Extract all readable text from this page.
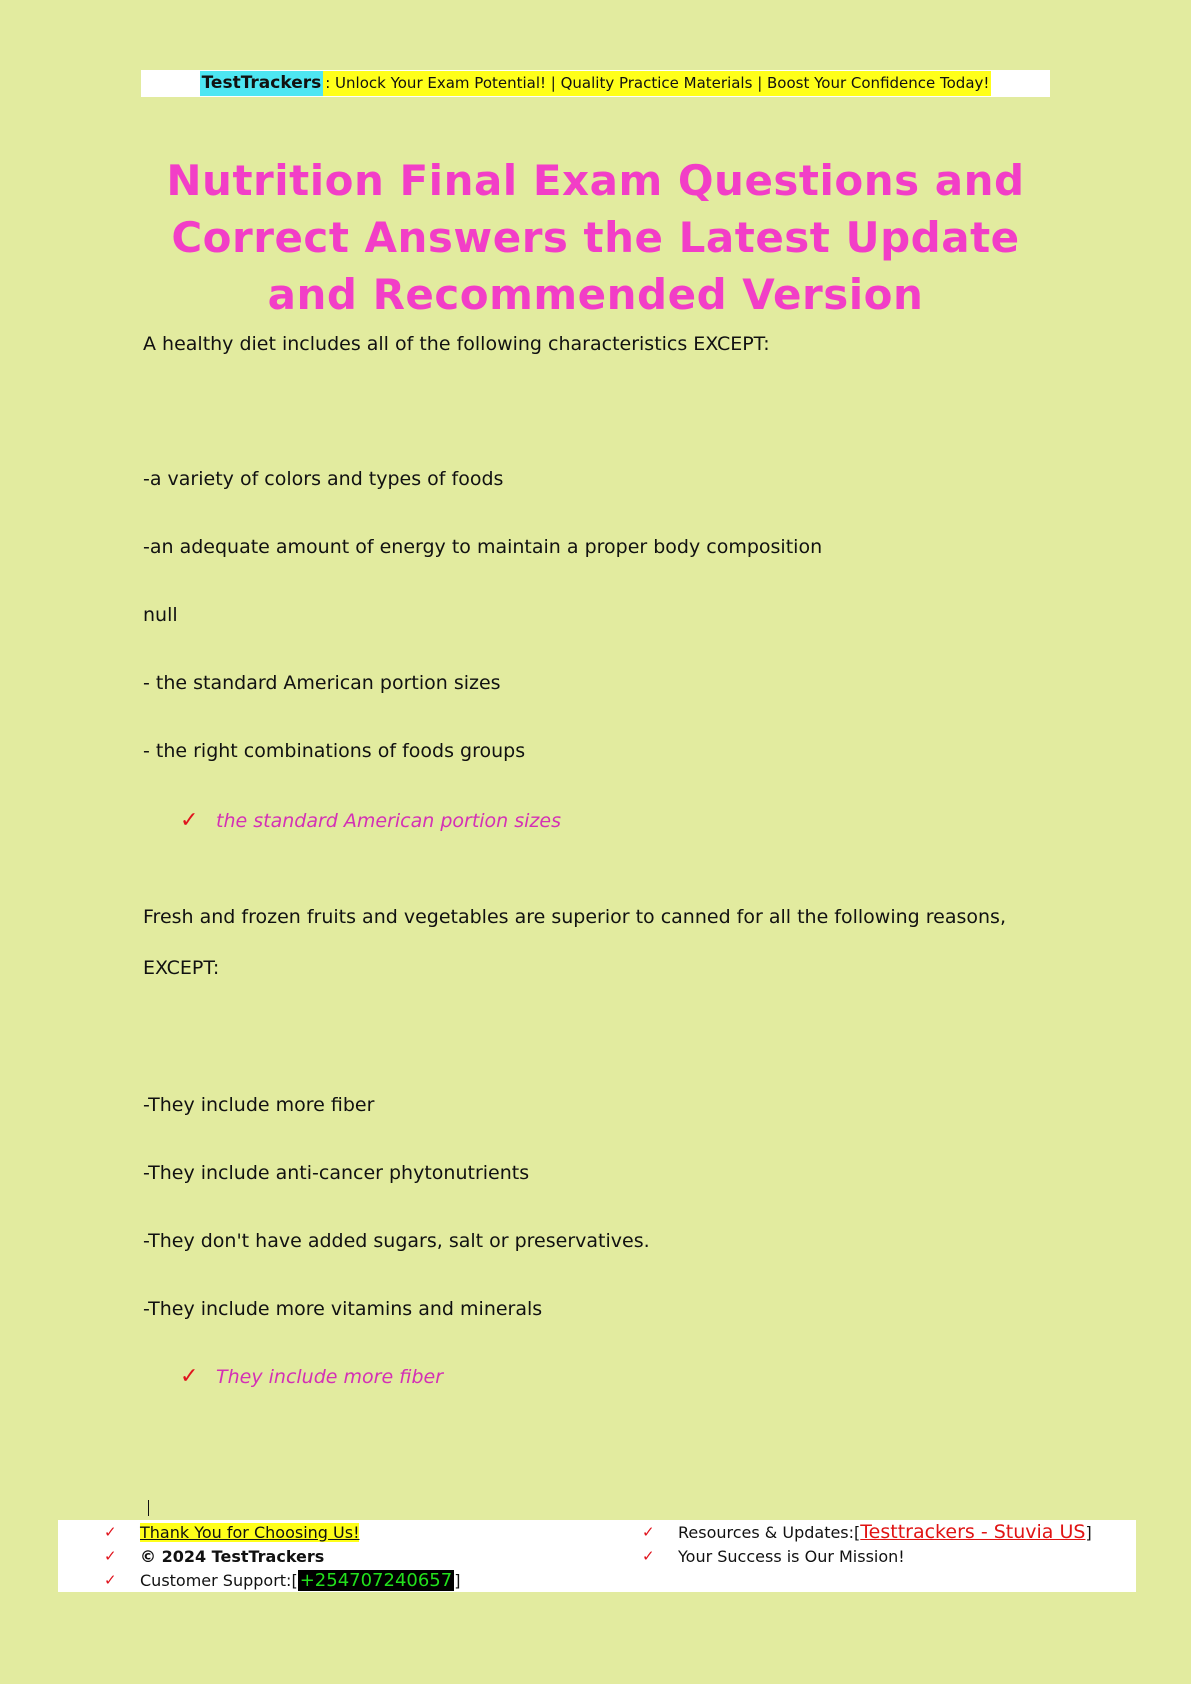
TestTrackers : Unlock Your Exam Potential! | Quality Practice Materials | Boost Your Confidence Today!
Nutrition Final Exam Questions and Correct Answers the Latest Update and Recommended Version
A healthy diet includes all of the following characteristics EXCEPT:
-a variety of colors and types of foods
-an adequate amount of energy to maintain a proper body composition
null
- the standard American portion sizes
- the right combinations of foods groups
✓ the standard American portion sizes
Fresh and frozen fruits and vegetables are superior to canned for all the following reasons,
EXCEPT:
-They include more fiber
-They include anti-cancer phytonutrients
-They don't have added sugars, salt or preservatives.
-They include more vitamins and minerals
✓ They include more fiber
✓	Thank You for Choosing Us!
✓	© 2024 TestTrackers
✓	Customer Support: [ +254707240657 ]
✓	Resources & Updates: [ Testtrackers - Stuvia US ]
✓	Your Success is Our Mission!
